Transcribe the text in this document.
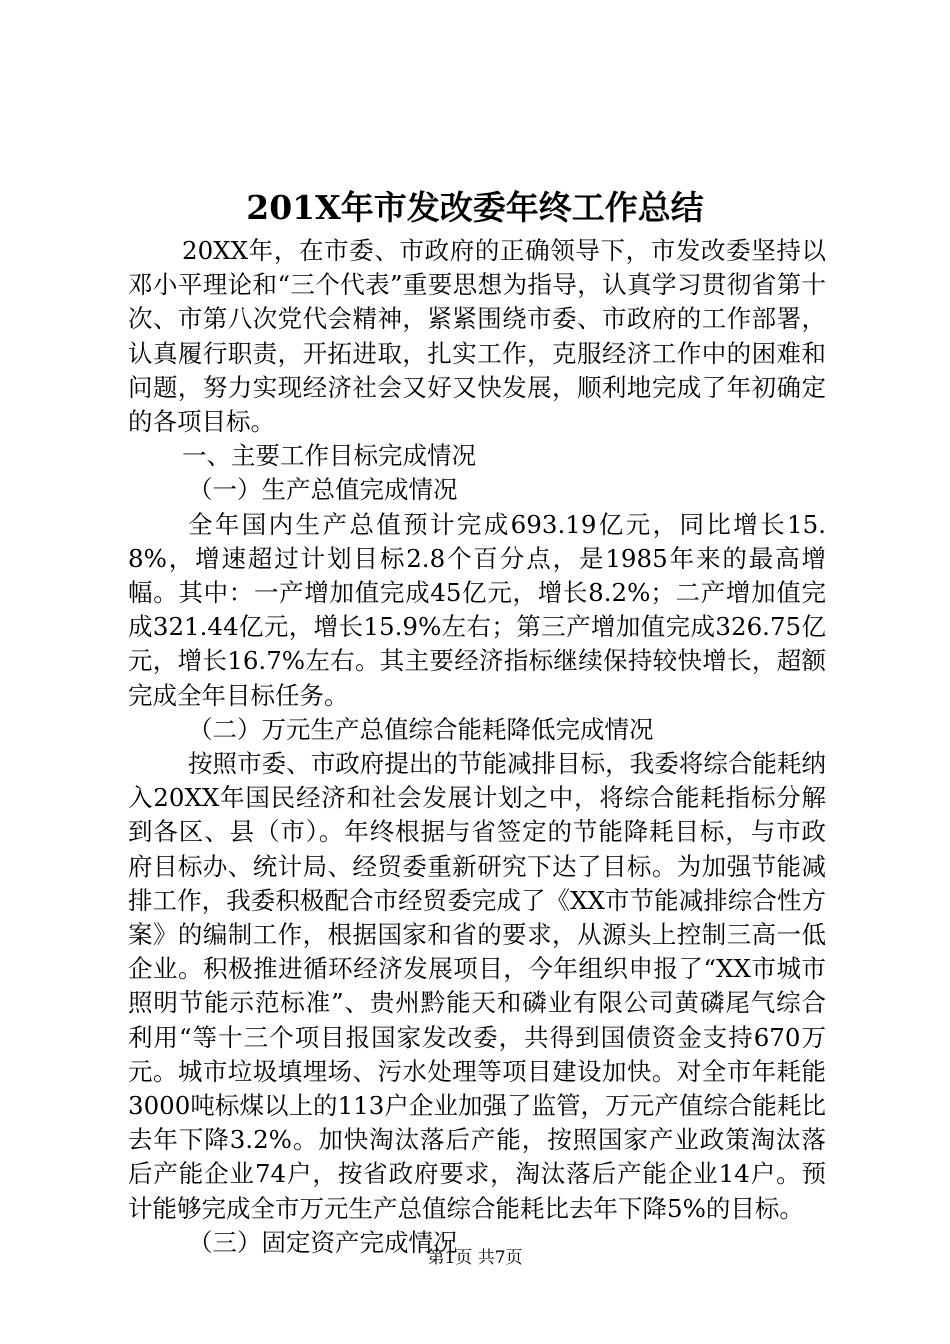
201X年市发改委年终工作总结

20XX年，在市委、市政府的正确领导下，市发改委坚持以邓小平理论和“三个代表”重要思想为指导，认真学习贯彻省第十次、市第八次党代会精神，紧紧围绕市委、市政府的工作部署，认真履行职责，开拓进取，扎实工作，克服经济工作中的困难和问题，努力实现经济社会又好又快发展，顺利地完成了年初确定的各项目标。

一、主要工作目标完成情况

（一）生产总值完成情况

全年国内生产总值预计完成693.19亿元，同比增长15.8%，增速超过计划目标2.8个百分点，是1985年来的最高增幅。其中：一产增加值完成45亿元，增长8.2%；二产增加值完成321.44亿元，增长15.9%左右；第三产增加值完成326.75亿元，增长16.7%左右。其主要经济指标继续保持较快增长，超额完成全年目标任务。

（二）万元生产总值综合能耗降低完成情况

按照市委、市政府提出的节能减排目标，我委将综合能耗纳入20XX年国民经济和社会发展计划之中，将综合能耗指标分解到各区、县（市）。年终根据与省签定的节能降耗目标，与市政府目标办、统计局、经贸委重新研究下达了目标。为加强节能减排工作，我委积极配合市经贸委完成了《XX市节能减排综合性方案》的编制工作，根据国家和省的要求，从源头上控制三高一低企业。积极推进循环经济发展项目，今年组织申报了“XX市城市照明节能示范标准”、贵州黔能天和磷业有限公司黄磷尾气综合利用“等十三个项目报国家发改委，共得到国债资金支持670万元。城市垃圾填埋场、污水处理等项目建设加快。对全市年耗能3000吨标煤以上的113户企业加强了监管，万元产值综合能耗比去年下降3.2%。加快淘汰落后产能，按照国家产业政策淘汰落后产能企业74户，按省政府要求，淘汰落后产能企业14户。预计能够完成全市万元生产总值综合能耗比去年下降5%的目标。

（三）固定资产完成情况

第1页 共7页
